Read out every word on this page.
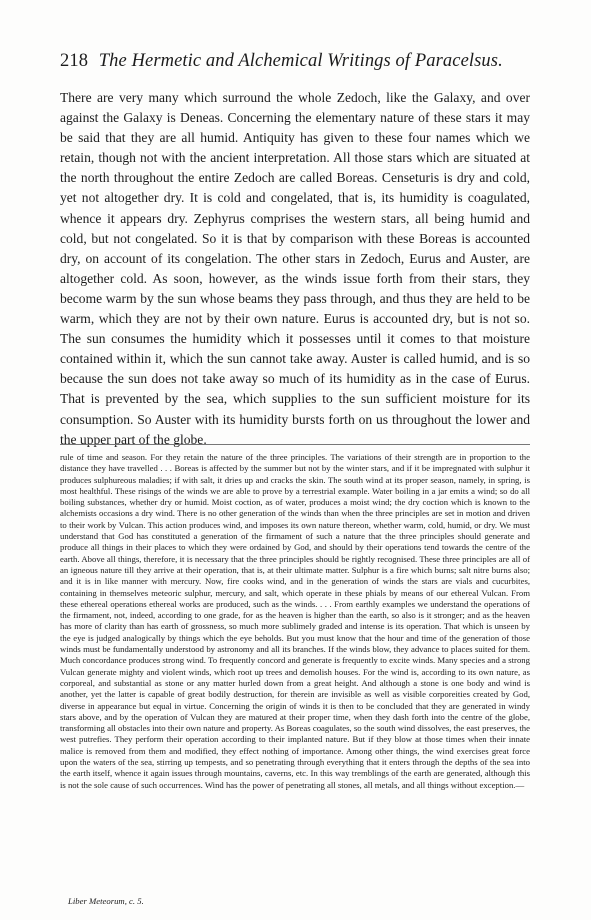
218 The Hermetic and Alchemical Writings of Paracelsus.

There are very many which surround the whole Zedoch, like the Galaxy, and over against the Galaxy is Deneas. Concerning the elementary nature of these stars it may be said that they are all humid. Antiquity has given to these four names which we retain, though not with the ancient interpretation. All those stars which are situated at the north throughout the entire Zedoch are called Boreas. Censeturis is dry and cold, yet not altogether dry. It is cold and congelated, that is, its humidity is coagulated, whence it appears dry. Zephyrus comprises the western stars, all being humid and cold, but not congelated. So it is that by comparison with these Boreas is accounted dry, on account of its congelation. The other stars in Zedoch, Eurus and Auster, are altogether cold. As soon, however, as the winds issue forth from their stars, they become warm by the sun whose beams they pass through, and thus they are held to be warm, which they are not by their own nature. Eurus is accounted dry, but is not so. The sun consumes the humidity which it possesses until it comes to that moisture contained within it, which the sun cannot take away. Auster is called humid, and is so because the sun does not take away so much of its humidity as in the case of Eurus. That is prevented by the sea, which supplies to the sun sufficient moisture for its consumption. So Auster with its humidity bursts forth on us throughout the lower and the upper part of the globe.

rule of time and season. For they retain the nature of the three principles. The variations of their strength are in proportion to the distance they have travelled . . . Boreas is affected by the summer but not by the winter stars, and if it be impregnated with sulphur it produces sulphureous maladies; if with salt, it dries up and cracks the skin. The south wind at its proper season, namely, in spring, is most healthful. These risings of the winds we are able to prove by a terrestrial example. Water boiling in a jar emits a wind; so do all boiling substances, whether dry or humid. Moist coction, as of water, produces a moist wind; the dry coction which is known to the alchemists occasions a dry wind. There is no other generation of the winds than when the three principles are set in motion and driven to their work by Vulcan. This action produces wind, and imposes its own nature thereon, whether warm, cold, humid, or dry. We must understand that God has constituted a generation of the firmament of such a nature that the three principles should generate and produce all things in their places to which they were ordained by God, and should by their operations tend towards the centre of the earth. Above all things, therefore, it is necessary that the three principles should be rightly recognised. These three principles are all of an igneous nature till they arrive at their operation, that is, at their ultimate matter. Sulphur is a fire which burns; salt nitre burns also; and it is in like manner with mercury. Now, fire cooks wind, and in the generation of winds the stars are vials and cucurbites, containing in themselves meteoric sulphur, mercury, and salt, which operate in these phials by means of our ethereal Vulcan. From these ethereal operations ethereal works are produced, such as the winds. . . . From earthly examples we understand the operations of the firmament, not, indeed, according to one grade, for as the heaven is higher than the earth, so also is it stronger; and as the heaven has more of clarity than has earth of grossness, so much more sublimely graded and intense is its operation. That which is unseen by the eye is judged analogically by things which the eye beholds. But you must know that the hour and time of the generation of those winds must be fundamentally understood by astronomy and all its branches. If the winds blow, they advance to places suited for them. Much concordance produces strong wind. To frequently concord and generate is frequently to excite winds. Many species and a strong Vulcan generate mighty and violent winds, which root up trees and demolish houses. For the wind is, according to its own nature, as corporeal, and substantial as stone or any matter hurled down from a great height. And although a stone is one body and wind is another, yet the latter is capable of great bodily destruction, for therein are invisible as well as visible corporeities created by God, diverse in appearance but equal in virtue. Concerning the origin of winds it is then to be concluded that they are generated in windy stars above, and by the operation of Vulcan they are matured at their proper time, when they dash forth into the centre of the globe, transforming all obstacles into their own nature and property. As Boreas coagulates, so the south wind dissolves, the east preserves, the west putrefies. They perform their operation according to their implanted nature. But if they blow at those times when their innate malice is removed from them and modified, they effect nothing of importance. Among other things, the wind exercises great force upon the waters of the sea, stirring up tempests, and so penetrating through everything that it enters through the depths of the sea into the earth itself, whence it again issues through mountains, caverns, etc. In this way tremblings of the earth are generated, although this is not the sole cause of such occurrences. Wind has the power of penetrating all stones, all metals, and all things without exception.—

Liber Meteorum, c. 5.
